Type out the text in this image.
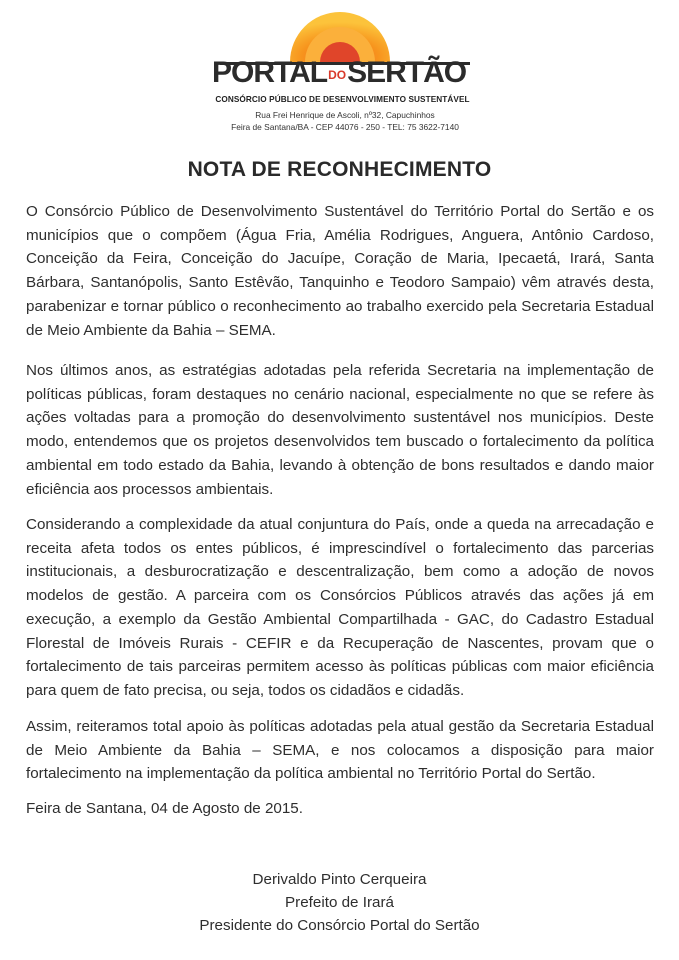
PORTALDOSERTÃO
CONSÓRCIO PÚBLICO DE DESENVOLVIMENTO SUSTENTÁVEL
Rua Frei Henrique de Ascoli, nº32, Capuchinhos
Feira de Santana/BA - CEP 44076 - 250 - TEL: 75 3622-7140
NOTA DE RECONHECIMENTO

O Consórcio Público de Desenvolvimento Sustentável do Território Portal do Sertão e os municípios que o compõem (Água Fria, Amélia Rodrigues, Anguera, Antônio Cardoso, Conceição da Feira, Conceição do Jacuípe, Coração de Maria, Ipecaetá, Irará, Santa Bárbara, Santanópolis, Santo Estêvão, Tanquinho e Teodoro Sampaio) vêm através desta, parabenizar e tornar público o reconhecimento ao trabalho exercido pela Secretaria Estadual de Meio Ambiente da Bahia – SEMA.

Nos últimos anos, as estratégias adotadas pela referida Secretaria na implementação de políticas públicas, foram destaques no cenário nacional, especialmente no que se refere às ações voltadas para a promoção do desenvolvimento sustentável nos municípios. Deste modo, entendemos que os projetos desenvolvidos tem buscado o fortalecimento da política ambiental em todo estado da Bahia, levando à obtenção de bons resultados e dando maior eficiência aos processos ambientais.

Considerando a complexidade da atual conjuntura do País, onde a queda na arrecadação e receita afeta todos os entes públicos, é imprescindível o fortalecimento das parcerias institucionais, a desburocratização e descentralização, bem como a adoção de novos modelos de gestão. A parceira com os Consórcios Públicos através das ações já em execução, a exemplo da Gestão Ambiental Compartilhada - GAC, do Cadastro Estadual Florestal de Imóveis Rurais - CEFIR e da Recuperação de Nascentes, provam que o fortalecimento de tais parceiras permitem acesso às políticas públicas com maior eficiência para quem de fato precisa, ou seja, todos os cidadãos e cidadãs.

Assim, reiteramos total apoio às políticas adotadas pela atual gestão da Secretaria Estadual de Meio Ambiente da Bahia – SEMA, e nos colocamos a disposição para maior fortalecimento na implementação da política ambiental no Território Portal do Sertão.

Feira de Santana, 04 de Agosto de 2015.
Derivaldo Pinto Cerqueira
Prefeito de Irará
Presidente do Consórcio Portal do Sertão
